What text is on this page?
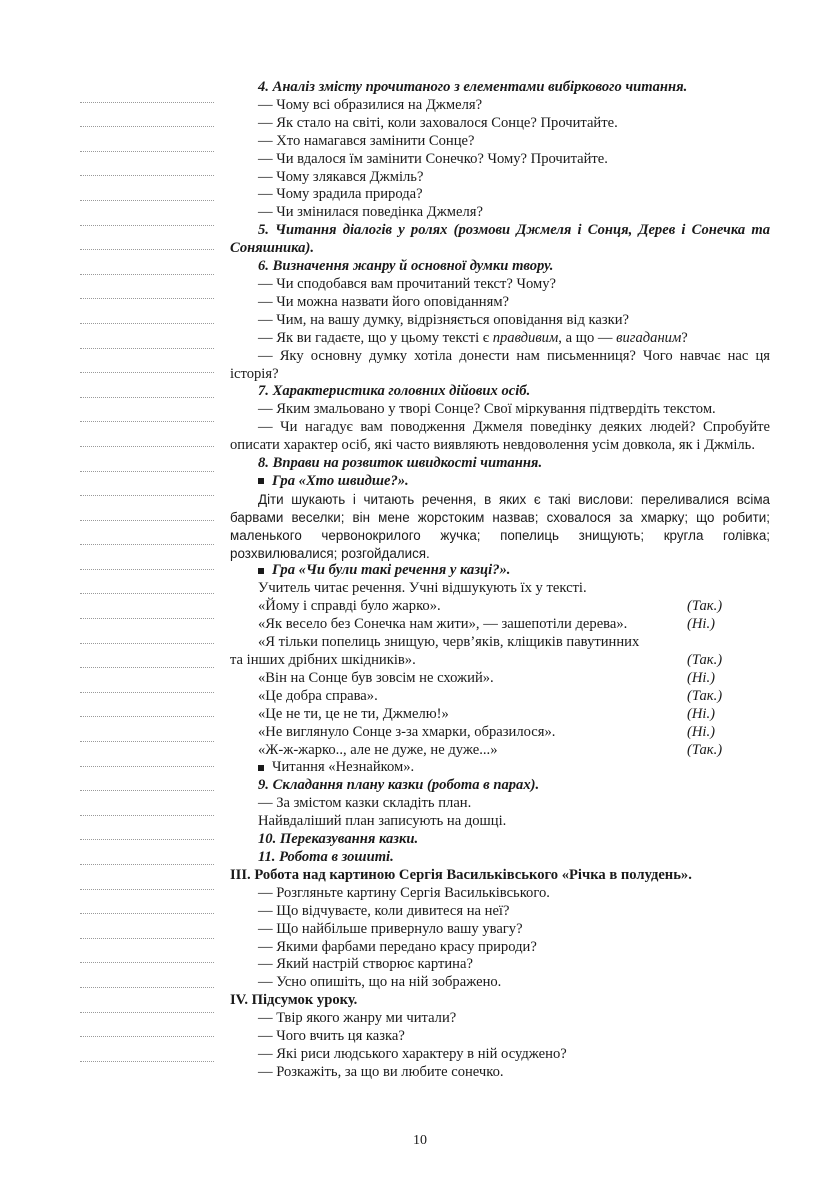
4. Аналіз змісту прочитаного з елементами вибіркового читання.

— Чому всі образилися на Джмеля?

— Як стало на світі, коли заховалося Сонце? Прочитайте.

— Хто намагався замінити Сонце?

— Чи вдалося їм замінити Сонечко? Чому? Прочитайте.

— Чому злякався Джміль?

— Чому зрадила природа?

— Чи змінилася поведінка Джмеля?

5. Читання діалогів у ролях (розмови Джмеля і Сонця, Дерев і Сонечка та Соняшника).

6. Визначення жанру й основної думки твору.

— Чи сподобався вам прочитаний текст? Чому?

— Чи можна назвати його оповіданням?

— Чим, на вашу думку, відрізняється оповідання від казки?

— Як ви гадаєте, що у цьому тексті є правдивим, а що — вигаданим?

— Яку основну думку хотіла донести нам письменниця? Чого навчає нас ця історія?

7. Характеристика головних дійових осіб.

— Яким змальовано у творі Сонце? Свої міркування підтвердіть текстом.

— Чи нагадує вам поводження Джмеля поведінку деяких людей? Спробуйте описати характер осіб, які часто виявляють невдоволення усім довкола, як і Джміль.

8. Вправи на розвиток швидкості читання.

Гра «Хто швидше?».

Діти шукають і читають речення, в яких є такі вислови: переливалися всіма барвами веселки; він мене жорстоким назвав; сховалося за хмарку; що робити; маленького червонокрилого жучка; попелиць знищують; кругла голівка; розхвилювалися; розгойдалися.

Гра «Чи були такі речення у казці?».

Учитель читає речення. Учні відшукують їх у тексті.

«Йому і справді було жарко».	(Так.)

«Як весело без Сонечка нам жити», — зашепотіли дерева».	(Ні.)

«Я тільки попелиць знищую, черв’яків, кліщиків павутинних

та інших дрібних шкідників».	(Так.)

«Він на Сонце був зовсім не схожий».	(Ні.)

«Це добра справа».	(Так.)

«Це не ти, це не ти, Джмелю!»	(Ні.)

«Не виглянуло Сонце з-за хмарки, образилося».	(Ні.)

«Ж-ж-жарко.., але не дуже, не дуже...»	(Так.)

Читання «Незнайком».

9. Складання плану казки (робота в парах).

— За змістом казки складіть план.

Найвдаліший план записують на дошці.

10. Переказування казки.

11. Робота в зошиті.

III. Робота над картиною Сергія Васильківського «Річка в полудень».

— Розгляньте картину Сергія Васильківського.

— Що відчуваєте, коли дивитеся на неї?

— Що найбільше привернуло вашу увагу?

— Якими фарбами передано красу природи?

— Який настрій створює картина?

— Усно опишіть, що на ній зображено.

IV. Підсумок уроку.

— Твір якого жанру ми читали?

— Чого вчить ця казка?

— Які риси людського характеру в ній осуджено?

— Розкажіть, за що ви любите сонечко.

10
